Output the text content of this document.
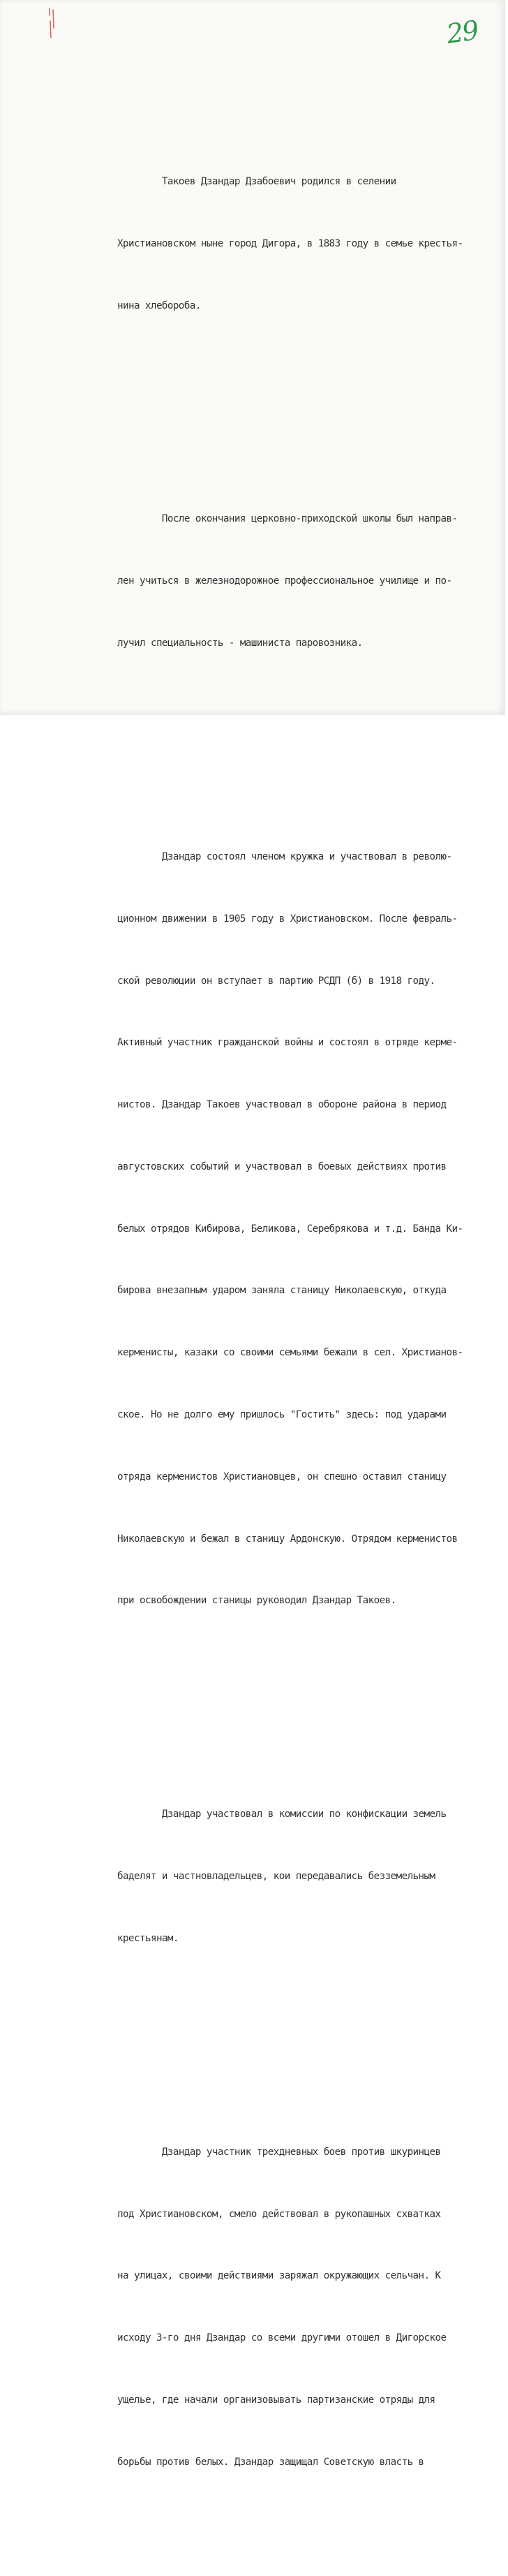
29

Такоев Дзандар Дзабоевич родился в селении

Христиановском ныне город Дигора, в 1883 году в семье крестья-

нина хлебороба.

После окончания церковно-приходской школы был направ-

лен учиться в железнодорожное профессиональное училище и по-

лучил специальность - машиниста паровозника.

Дзандар состоял членом кружка и участвовал в револю-

ционном движении в 1905 году в Христиановском. После февраль-

ской революции он вступает в партию РСДП (б) в 1918 году.

Активный участник гражданской войны и состоял в отряде кермe-

нистов. Дзандар Такоев участвовал в обороне района в период

августовских событий и участвовал в боевых действиях против

белых отрядов Кибирова, Беликова, Серебрякова и т.д. Банда Ки-

бирова внезапным ударом заняла станицу Николаевскую, откуда

керменисты, казаки со своими семьями бежали в сел. Христианов-

ское. Но не долго ему пришлось "Гостить" здесь: под ударами

отряда керменистов Христиановцев, он спешно оставил станицу

Николаевскую и бежал в станицу Ардонскую. Отрядом керменистов

при освобождении станицы руководил Дзандар Такоев.

Дзандар участвовал в комиссии по конфискации земель

баделят и частновладельцев, кои передавались безземельным

крестьянам.

Дзандар участник трехдневных боев против шкуринцев

под Христиановском, смело действовал в рукопашных схватках

на улицах, своими действиями заряжал окружающих сельчан. К

исходу 3-го дня Дзандар со всеми другими отошел в Дигорское

ущелье, где начали организовывать партизанские отряды для

борьбы против белых. Дзандар защищал Советскую власть в
